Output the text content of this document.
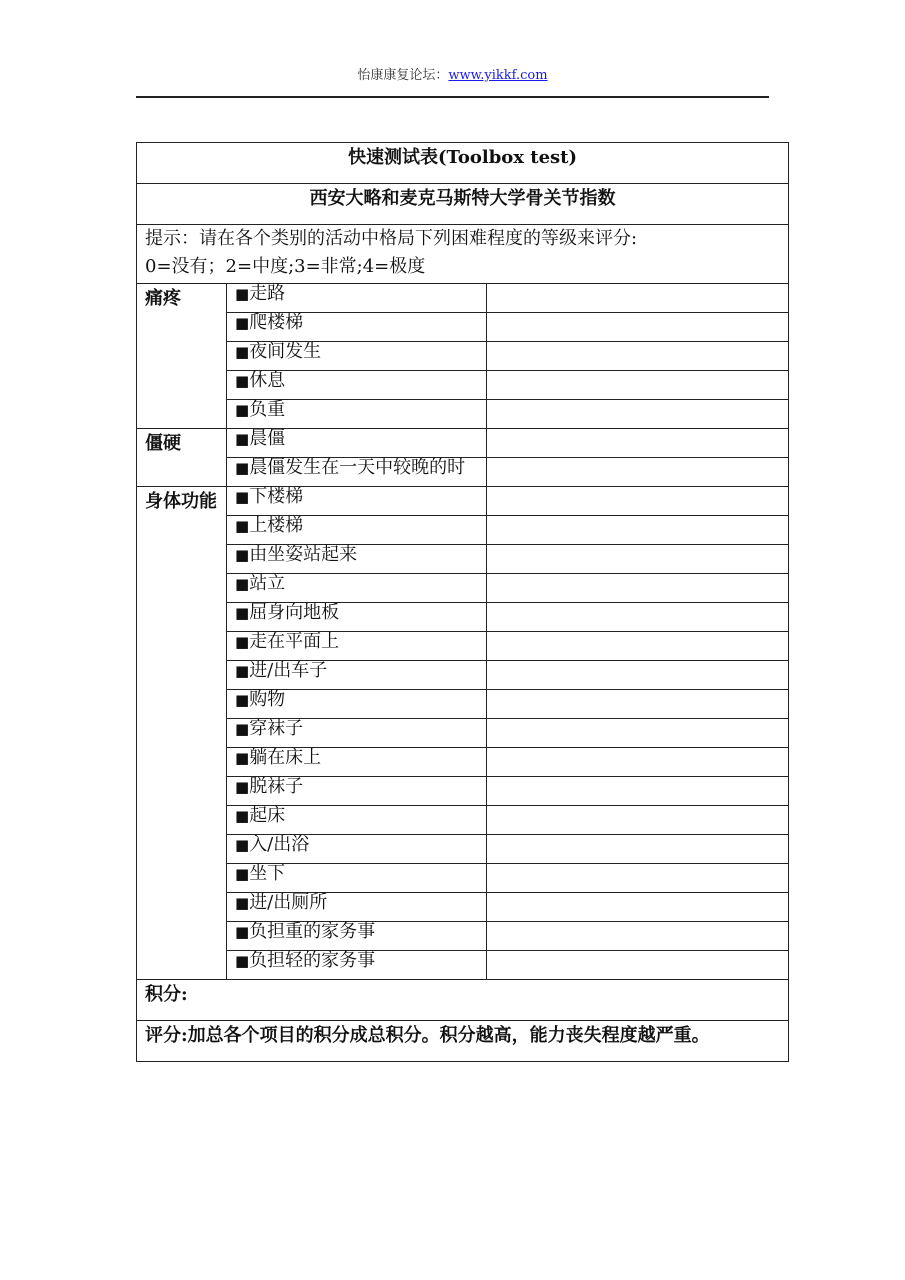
怡康康复论坛：www.yikkf.com
快速测试表(Toolbox test)		
西安大略和麦克马斯特大学骨关节指数		

提示：请在各个类别的活动中格局下列困难程度的等级来评分:
0=没有；2=中度;3=非常;4=极度		

痛疼	■走路	
	■爬楼梯	
	■夜间发生	
	■休息	
	■负重	
僵硬	■晨僵	
	■晨僵发生在一天中较晚的时	
身体功能	■下楼梯	
	■上楼梯	
	■由坐姿站起来	
	■站立	
	■屈身向地板	
	■走在平面上	
	■进/出车子	
	■购物	
	■穿袜子	
	■躺在床上	
	■脱袜子	
	■起床	
	■入/出浴	
	■坐下	
	■进/出厕所	
	■负担重的家务事	
	■负担轻的家务事	
积分:		
评分:加总各个项目的积分成总积分。积分越高，能力丧失程度越严重。		
